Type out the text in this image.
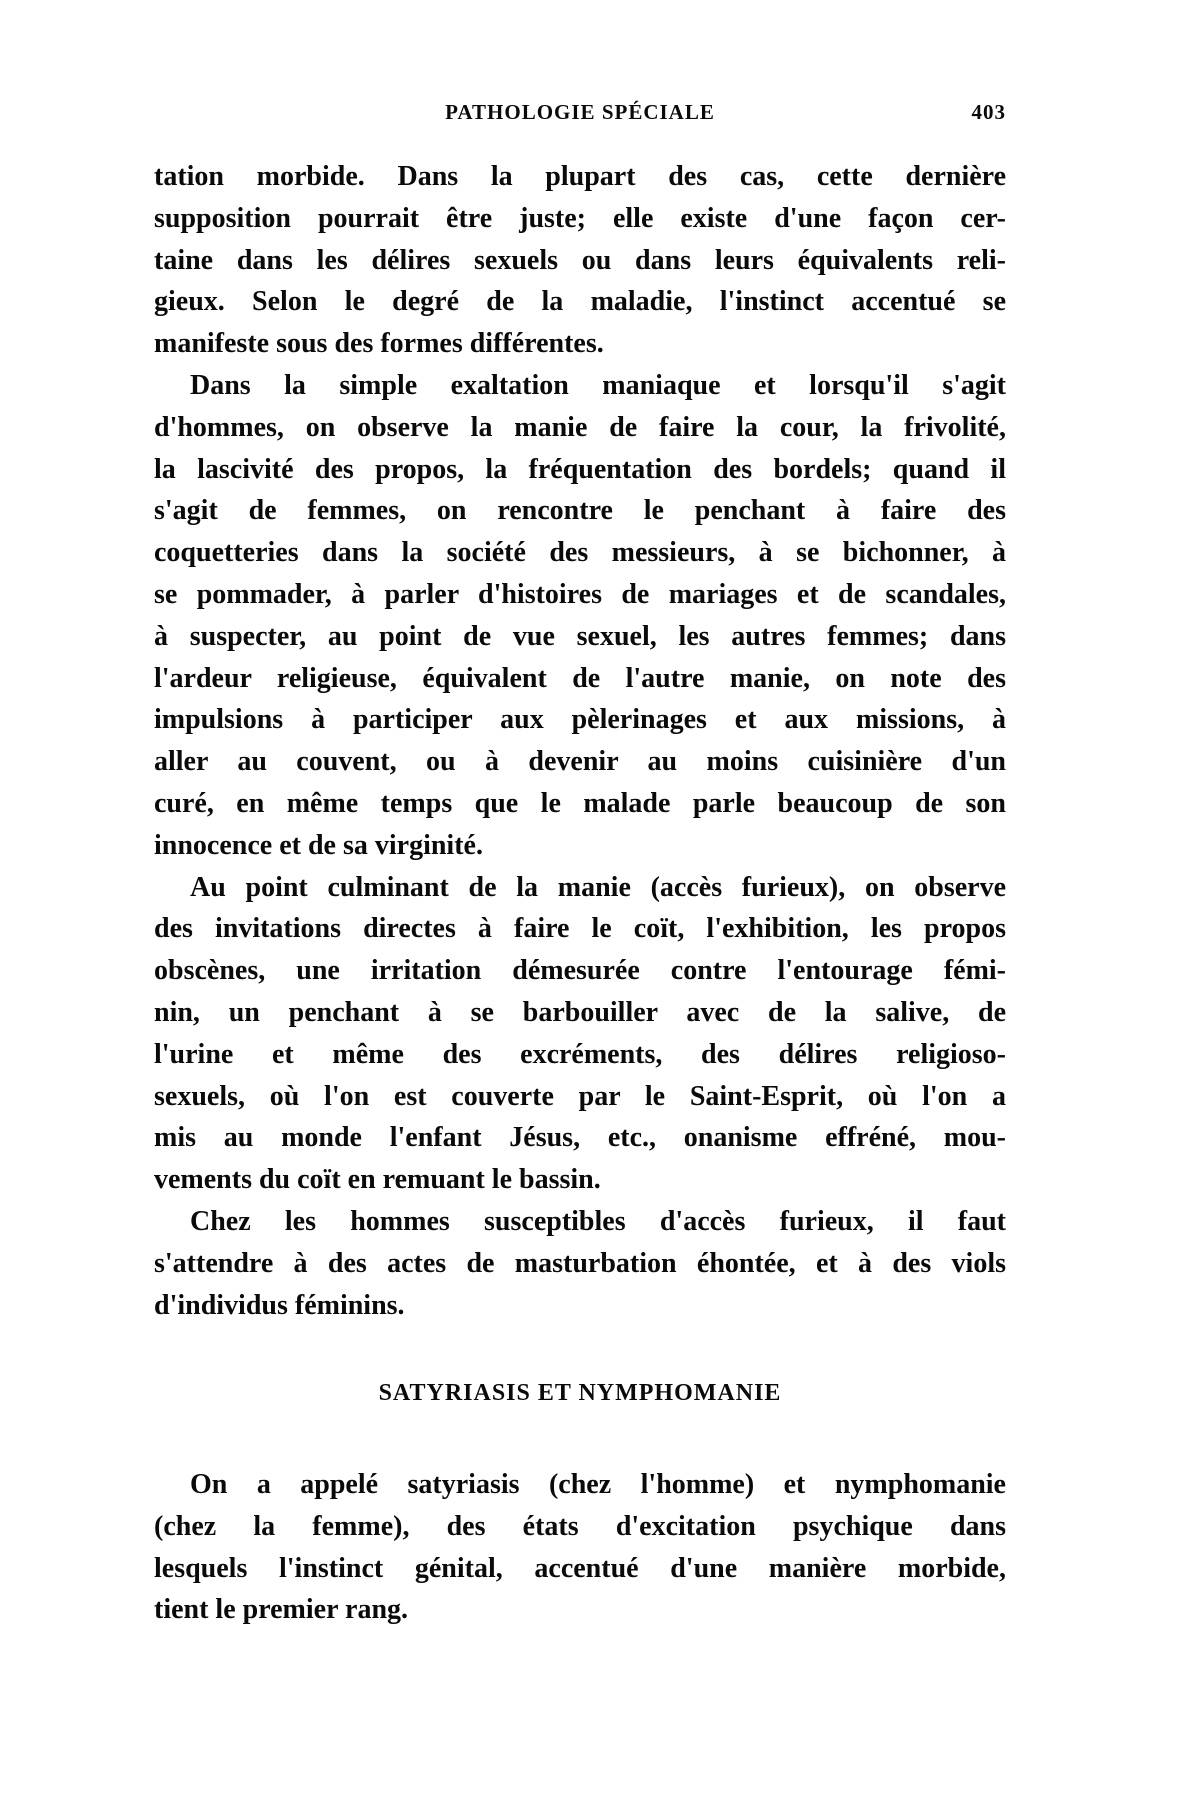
PATHOLOGIE SPÉCIALE	403
tation morbide. Dans la plupart des cas, cette dernière
supposition pourrait être juste; elle existe d'une façon cer-
taine dans les délires sexuels ou dans leurs équivalents reli-
gieux. Selon le degré de la maladie, l'instinct accentué se
manifeste sous des formes différentes.
Dans la simple exaltation maniaque et lorsqu'il s'agit
d'hommes, on observe la manie de faire la cour, la frivolité,
la lascivité des propos, la fréquentation des bordels; quand il
s'agit de femmes, on rencontre le penchant à faire des
coquetteries dans la société des messieurs, à se bichonner, à
se pommader, à parler d'histoires de mariages et de scandales,
à suspecter, au point de vue sexuel, les autres femmes; dans
l'ardeur religieuse, équivalent de l'autre manie, on note des
impulsions à participer aux pèlerinages et aux missions, à
aller au couvent, ou à devenir au moins cuisinière d'un
curé, en même temps que le malade parle beaucoup de son
innocence et de sa virginité.
Au point culminant de la manie (accès furieux), on observe
des invitations directes à faire le coït, l'exhibition, les propos
obscènes, une irritation démesurée contre l'entourage fémi-
nin, un penchant à se barbouiller avec de la salive, de
l'urine et même des excréments, des délires religioso-
sexuels, où l'on est couverte par le Saint-Esprit, où l'on a
mis au monde l'enfant Jésus, etc., onanisme effréné, mou-
vements du coït en remuant le bassin.
Chez les hommes susceptibles d'accès furieux, il faut
s'attendre à des actes de masturbation éhontée, et à des viols
d'individus féminins.
SATYRIASIS ET NYMPHOMANIE
On a appelé satyriasis (chez l'homme) et nymphomanie
(chez la femme), des états d'excitation psychique dans
lesquels l'instinct génital, accentué d'une manière morbide,
tient le premier rang.
